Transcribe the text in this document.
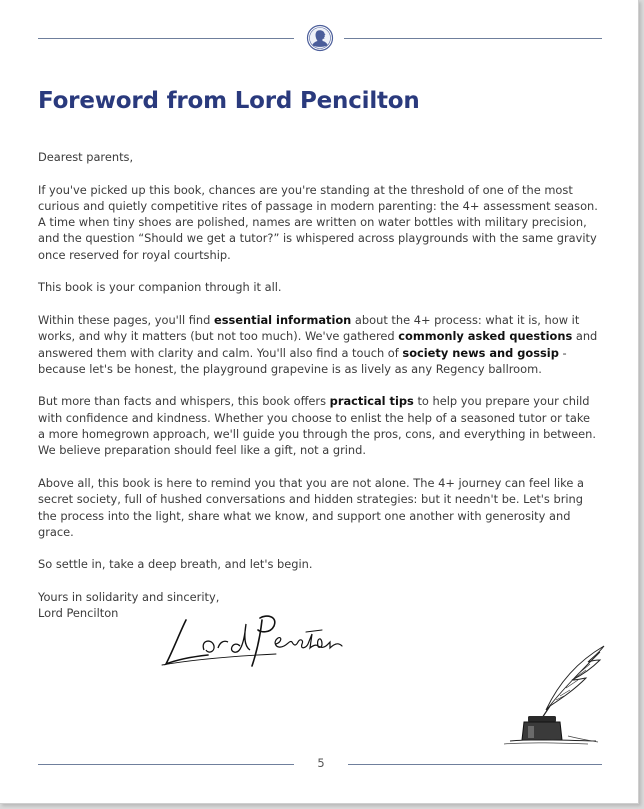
Foreword from Lord Pencilton

Dearest parents,

If you've picked up this book, chances are you're standing at the threshold of one of the most curious and quietly competitive rites of passage in modern parenting: the 4+ assessment season. A time when tiny shoes are polished, names are written on water bottles with military precision, and the question “Should we get a tutor?” is whispered across playgrounds with the same gravity once reserved for royal courtship.

This book is your companion through it all.

Within these pages, you'll find essential information about the 4+ process: what it is, how it works, and why it matters (but not too much). We've gathered commonly asked questions and answered them with clarity and calm. You'll also find a touch of society news and gossip - because let's be honest, the playground grapevine is as lively as any Regency ballroom.

But more than facts and whispers, this book offers practical tips to help you prepare your child with confidence and kindness. Whether you choose to enlist the help of a seasoned tutor or take a more homegrown approach, we'll guide you through the pros, cons, and everything in between. We believe preparation should feel like a gift, not a grind.

Above all, this book is here to remind you that you are not alone. The 4+ journey can feel like a secret society, full of hushed conversations and hidden strategies: but it needn't be. Let's bring the process into the light, share what we know, and support one another with generosity and grace.

So settle in, take a deep breath, and let's begin.

Yours in solidarity and sincerity,

Lord Pencilton

5
